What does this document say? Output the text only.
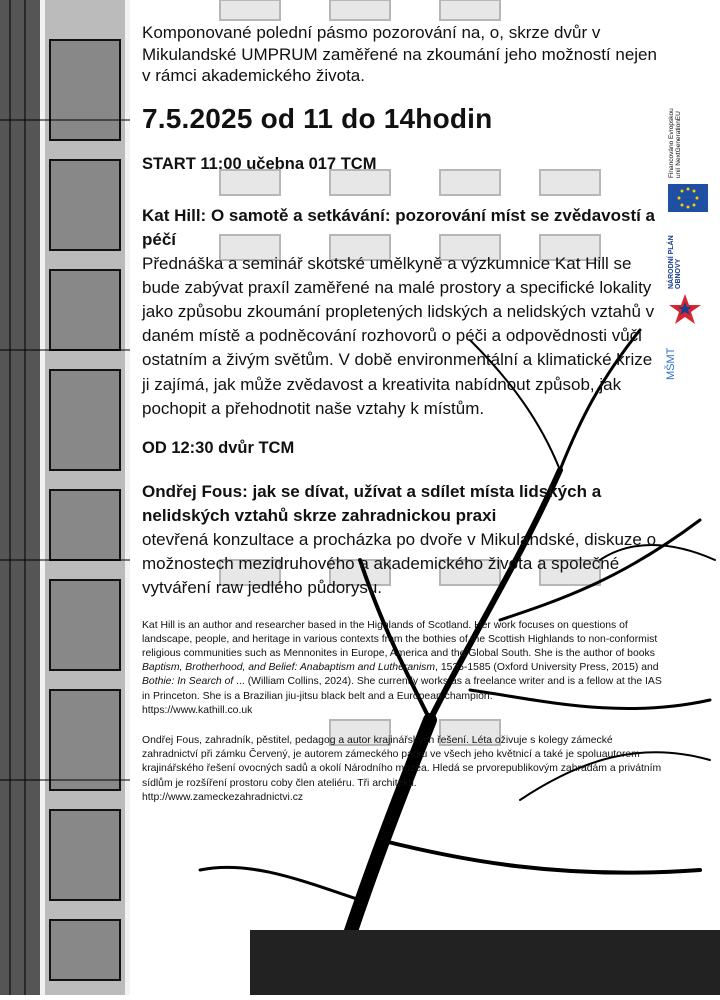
Komponované polední pásmo pozorování na, o, skrze dvůr v Mikulandské UMPRUM zaměřené na zkoumání jeho možností nejen v rámci akademického života.

7.5.2025 od 11 do 14hodin

START 11:00 učebna 017 TCM

Kat Hill: O samotě a setkávání: pozorování míst se zvědavostí a péčí

Přednáška a seminář skotské umělkyně a výzkumnice Kat Hill se bude zabývat praxíl zaměřené na malé prostory a specifické lokality jako způsobu zkoumání propletených lidských a nelidských vztahů v daném místě a podněcování rozhovorů o péči a odpovědnosti vůči ostatním a živým světům. V době environmentální a klimatické krize ji zajímá, jak může zvědavost a kreativita nabídnout způsob, jak pochopit a přehodnotit naše vztahy k místům.

OD 12:30 dvůr TCM

Ondřej Fous: jak se dívat, užívat a sdílet místa lidských a nelidských vztahů skrze zahradnickou praxi

otevřená konzultace a procházka po dvoře v Mikulandské, diskuze o možnostech mezidruhového a akademického života a společné vytváření raw jedlého půdorysu.

Kat Hill is an author and researcher based in the Highlands of Scotland. Her work focuses on questions of landscape, people, and heritage in various contexts from the bothies of the Scottish Highlands to non-conformist religious communities such as Mennonites in Europe, America and the Global South. She is the author of books Baptism, Brotherhood, and Belief: Anabaptism and Lutheranism, 1525-1585 (Oxford University Press, 2015) and Bothie: In Search of ... (William Collins, 2024). She currently works as a freelance writer and is a fellow at the IAS in Princeton. She is a Brazilian jiu-jitsu black belt and a European champion.
https://www.kathill.co.uk

Ondřej Fous, zahradník, pěstitel, pedagog a autor krajinářských řešení. Léta oživuje s kolegy zámecké zahradnictví při zámku Červený, je autorem zámeckého parku ve všech jeho květnicí a také je spoluautorem krajinářského řešení ovocných sadů a okolí Národního muzea. Hledá se prvorepublikovým zahradám a privátním sídlům je rozšíření prostoru coby člen ateliéru. Tři architekti.
http://www.zameckezahradnictvi.cz

Financováno Evropskou unií NextGenerationEU
NÁRODNÍ PLÁN OBNOVY
MŠMT
